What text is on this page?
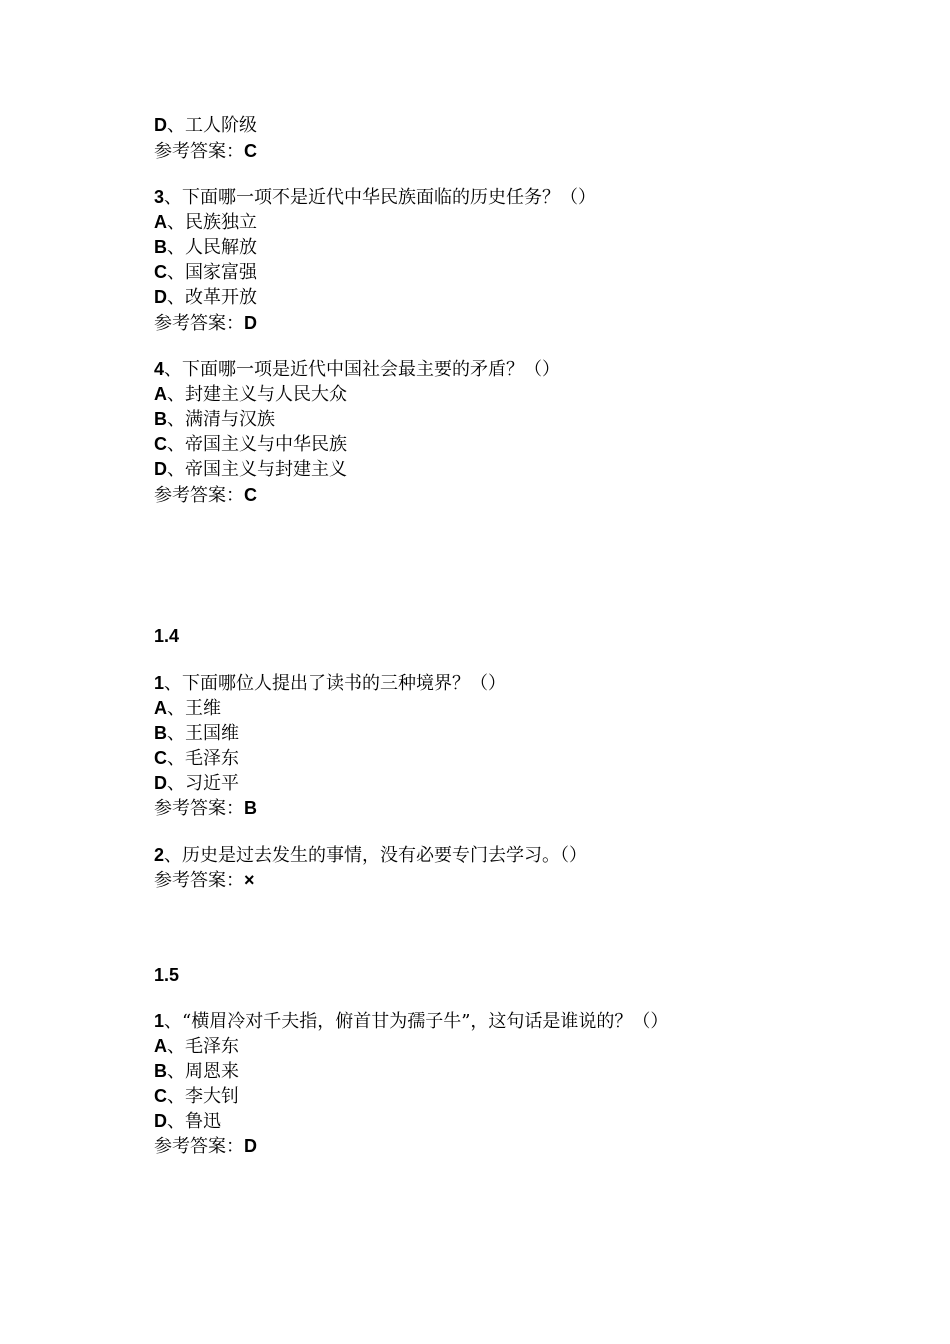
D、工人阶级
参考答案：C
3、下面哪一项不是近代中华民族面临的历史任务？（）
A、民族独立
B、人民解放
C、国家富强
D、改革开放
参考答案：D
4、下面哪一项是近代中国社会最主要的矛盾？（）
A、封建主义与人民大众
B、满清与汉族
C、帝国主义与中华民族
D、帝国主义与封建主义
参考答案：C
1.4
1、下面哪位人提出了读书的三种境界？（）
A、王维
B、王国维
C、毛泽东
D、习近平
参考答案：B
2、历史是过去发生的事情，没有必要专门去学习。（）
参考答案：×
1.5
1、“横眉冷对千夫指，俯首甘为孺子牛”，这句话是谁说的？（）
A、毛泽东
B、周恩来
C、李大钊
D、鲁迅
参考答案：D
